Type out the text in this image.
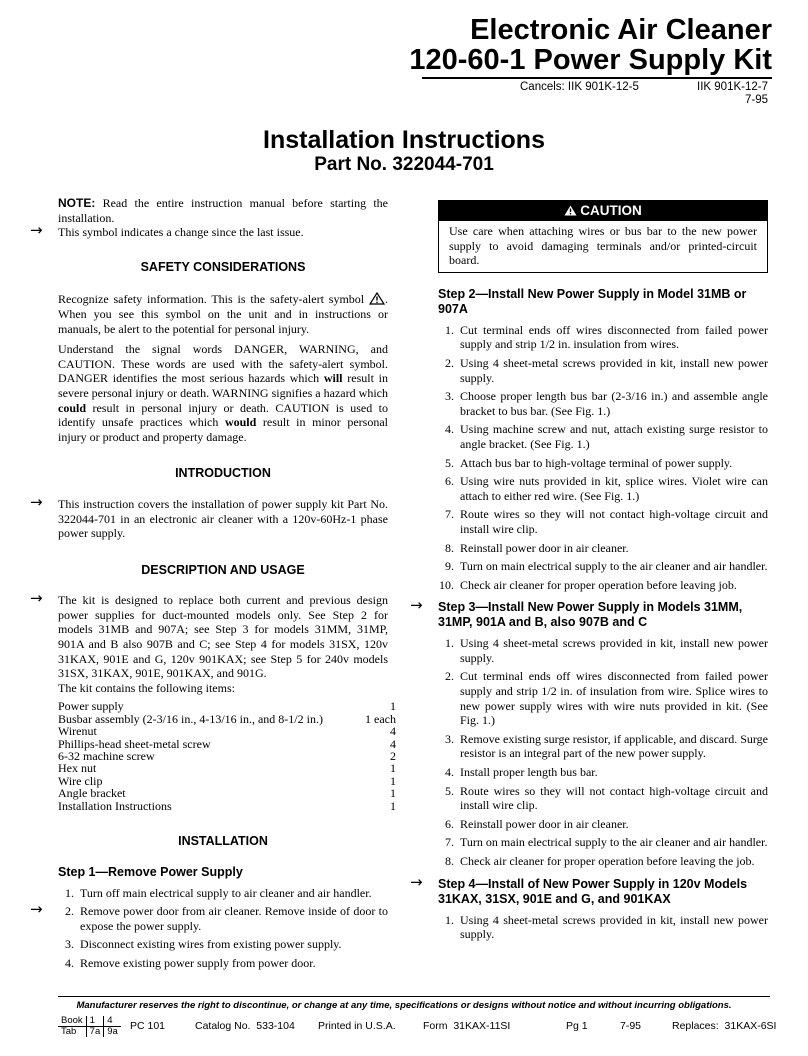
Electronic Air Cleaner
120-60-1 Power Supply Kit
Cancels: IIK 901K-12-5	IIK 901K-12-7
7-95
Installation Instructions
Part No. 322044-701

NOTE: Read the entire instruction manual before starting the installation.

→ This symbol indicates a change since the last issue.

SAFETY CONSIDERATIONS

Recognize safety information. This is the safety-alert symbol . When you see this symbol on the unit and in instructions or manuals, be alert to the potential for personal injury.

Understand the signal words DANGER, WARNING, and CAUTION. These words are used with the safety-alert symbol. DANGER identifies the most serious hazards which will result in severe personal injury or death. WARNING signifies a hazard which could result in personal injury or death. CAUTION is used to identify unsafe practices which would result in minor personal injury or product and property damage.

INTRODUCTION
→ This instruction covers the installation of power supply kit Part No. 322044-701 in an electronic air cleaner with a 120v-60Hz-1 phase power supply.

DESCRIPTION AND USAGE
→ The kit is designed to replace both current and previous design power supplies for duct-mounted models only. See Step 2 for models 31MB and 907A; see Step 3 for models 31MM, 31MP, 901A and B also 907B and C; see Step 4 for models 31SX, 120v 31KAX, 901E and G, 120v 901KAX; see Step 5 for 240v models 31SX, 31KAX, 901E, 901KAX, and 901G.

The kit contains the following items:

Power supply	1
Busbar assembly (2-3/16 in., 4-13/16 in., and 8-1/2 in.)	1 each
Wirenut	4
Phillips-head sheet-metal screw	4
6-32 machine screw	2
Hex nut	1
Wire clip	1
Angle bracket	1
Installation Instructions	1
INSTALLATION
Step 1—Remove Power Supply
1. Turn off main electrical supply to air cleaner and air handler.
→	2. Remove power door from air cleaner. Remove inside of door to expose the power supply.
3. Disconnect existing wires from existing power supply.
4. Remove existing power supply from power door.
CAUTION
Use care when attaching wires or bus bar to the new power supply to avoid damaging terminals and/or printed-circuit board.
Step 2—Install New Power Supply in Model 31MB or 907A
1. Cut terminal ends off wires disconnected from failed power supply and strip 1/2 in. insulation from wires.
2. Using 4 sheet-metal screws provided in kit, install new power supply.
3. Choose proper length bus bar (2-3/16 in.) and assemble angle bracket to bus bar. (See Fig. 1.)
4. Using machine screw and nut, attach existing surge resistor to angle bracket. (See Fig. 1.)
5. Attach bus bar to high-voltage terminal of power supply.
6. Using wire nuts provided in kit, splice wires. Violet wire can attach to either red wire. (See Fig. 1.)
7. Route wires so they will not contact high-voltage circuit and install wire clip.
8. Reinstall power door in air cleaner.
9. Turn on main electrical supply to the air cleaner and air handler.
10. Check air cleaner for proper operation before leaving job.
→ Step 3—Install New Power Supply in Models 31MM, 31MP, 901A and B, also 907B and C
1. Using 4 sheet-metal screws provided in kit, install new power supply.
2. Cut terminal ends off wires disconnected from failed power supply and strip 1/2 in. of insulation from wire. Splice wires to new power supply wires with wire nuts provided in kit. (See Fig. 1.)
3. Remove existing surge resistor, if applicable, and discard. Surge resistor is an integral part of the new power supply.
4. Install proper length bus bar.
5. Route wires so they will not contact high-voltage circuit and install wire clip.
6. Reinstall power door in air cleaner.
7. Turn on main electrical supply to the air cleaner and air handler.
8. Check air cleaner for proper operation before leaving the job.
→ Step 4—Install of New Power Supply in 120v Models 31KAX, 31SX, 901E and G, and 901KAX
1. Using 4 sheet-metal screws provided in kit, install new power supply.
Manufacturer reserves the right to discontinue, or change at any time, specifications or designs without notice and without incurring obligations.
Book	1	4
Tab	7a	9a PC 101	Catalog No.  533-104 Printed in U.S.A.	Form  31KAX-11SI	Pg 1	7-95	Replaces:  31KAX-6SI
